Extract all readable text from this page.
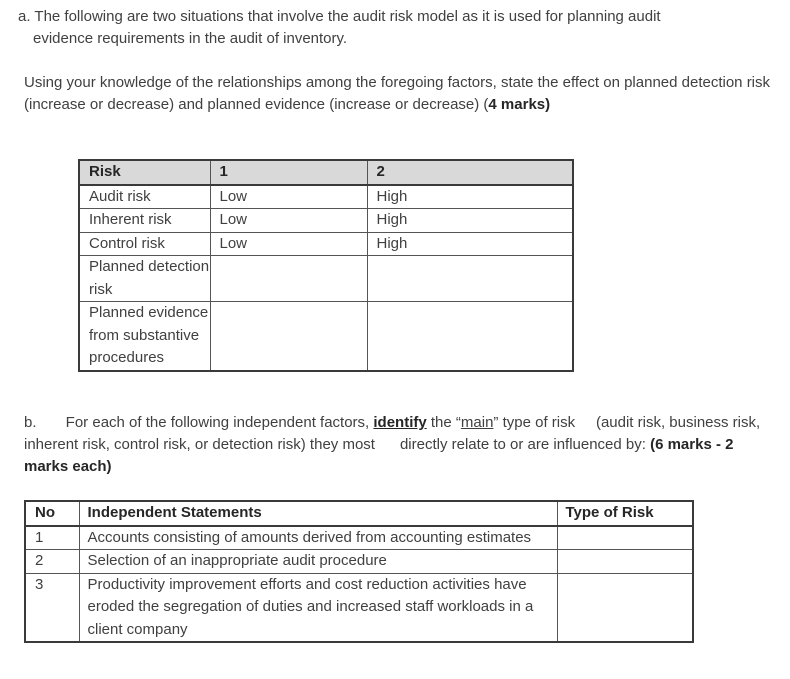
a. The following are two situations that involve the audit risk model as it is used for planning audit
evidence requirements in the audit of inventory.

Using your knowledge of the relationships among the foregoing factors, state the effect on planned detection risk (increase or decrease) and planned evidence (increase or decrease) (4 marks)

Risk	1	2
Audit risk	Low	High
Inherent risk	Low	High
Control risk	Low	High
Planned detection risk		
Planned evidence from substantive procedures		

b.       For each of the following independent factors, identify the “main” type of risk     (audit risk, business risk, inherent risk, control risk, or detection risk) they most      directly relate to or are influenced by: (6 marks - 2 marks each)

No	Independent Statements	Type of Risk
1	Accounts consisting of amounts derived from accounting estimates	
2	Selection of an inappropriate audit procedure	
3	Productivity improvement efforts and cost reduction activities have eroded the segregation of duties and increased staff workloads in a client company	
